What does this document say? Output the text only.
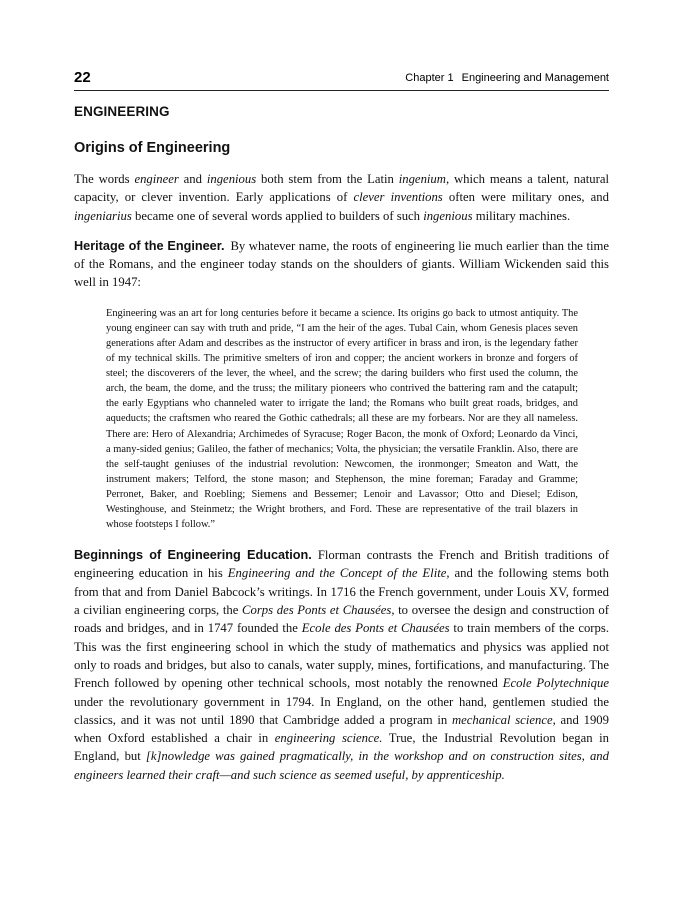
22	Chapter 1 Engineering and Management
ENGINEERING
Origins of Engineering

The words engineer and ingenious both stem from the Latin ingenium, which means a talent, natural capacity, or clever invention. Early applications of clever inventions often were military ones, and ingeniarius became one of several words applied to builders of such ingenious military machines.

Heritage of the Engineer. By whatever name, the roots of engineering lie much earlier than the time of the Romans, and the engineer today stands on the shoulders of giants. William Wickenden said this well in 1947:

Engineering was an art for long centuries before it became a science. Its origins go back to utmost antiquity. The young engineer can say with truth and pride, “I am the heir of the ages. Tubal Cain, whom Genesis places seven generations after Adam and describes as the instructor of every artificer in brass and iron, is the legendary father of my technical skills. The primitive smelters of iron and copper; the ancient workers in bronze and forgers of steel; the discoverers of the lever, the wheel, and the screw; the daring builders who first used the column, the arch, the beam, the dome, and the truss; the military pioneers who contrived the battering ram and the catapult; the early Egyptians who channeled water to irrigate the land; the Romans who built great roads, bridges, and aqueducts; the craftsmen who reared the Gothic cathedrals; all these are my forbears. Nor are they all nameless. There are: Hero of Alexandria; Archimedes of Syracuse; Roger Bacon, the monk of Oxford; Leonardo da Vinci, a many-sided genius; Galileo, the father of mechanics; Volta, the physician; the versatile Franklin. Also, there are the self-taught geniuses of the industrial revolution: Newcomen, the ironmonger; Smeaton and Watt, the instrument makers; Telford, the stone mason; and Stephenson, the mine foreman; Faraday and Gramme; Perronet, Baker, and Roebling; Siemens and Bessemer; Lenoir and Lavassor; Otto and Diesel; Edison, Westinghouse, and Steinmetz; the Wright brothers, and Ford. These are representative of the trail blazers in whose footsteps I follow.”

Beginnings of Engineering Education. Florman contrasts the French and British traditions of engineering education in his Engineering and the Concept of the Elite, and the following stems both from that and from Daniel Babcock’s writings. In 1716 the French government, under Louis XV, formed a civilian engineering corps, the Corps des Ponts et Chausées, to oversee the design and construction of roads and bridges, and in 1747 founded the Ecole des Ponts et Chausées to train members of the corps. This was the first engineering school in which the study of mathematics and physics was applied not only to roads and bridges, but also to canals, water supply, mines, fortifications, and manufacturing. The French followed by opening other technical schools, most notably the renowned Ecole Polytechnique under the revolutionary government in 1794. In England, on the other hand, gentlemen studied the classics, and it was not until 1890 that Cambridge added a program in mechanical science, and 1909 when Oxford established a chair in engineering science. True, the Industrial Revolution began in England, but [k]nowledge was gained pragmatically, in the workshop and on construction sites, and engineers learned their craft—and such science as seemed useful, by apprenticeship.
